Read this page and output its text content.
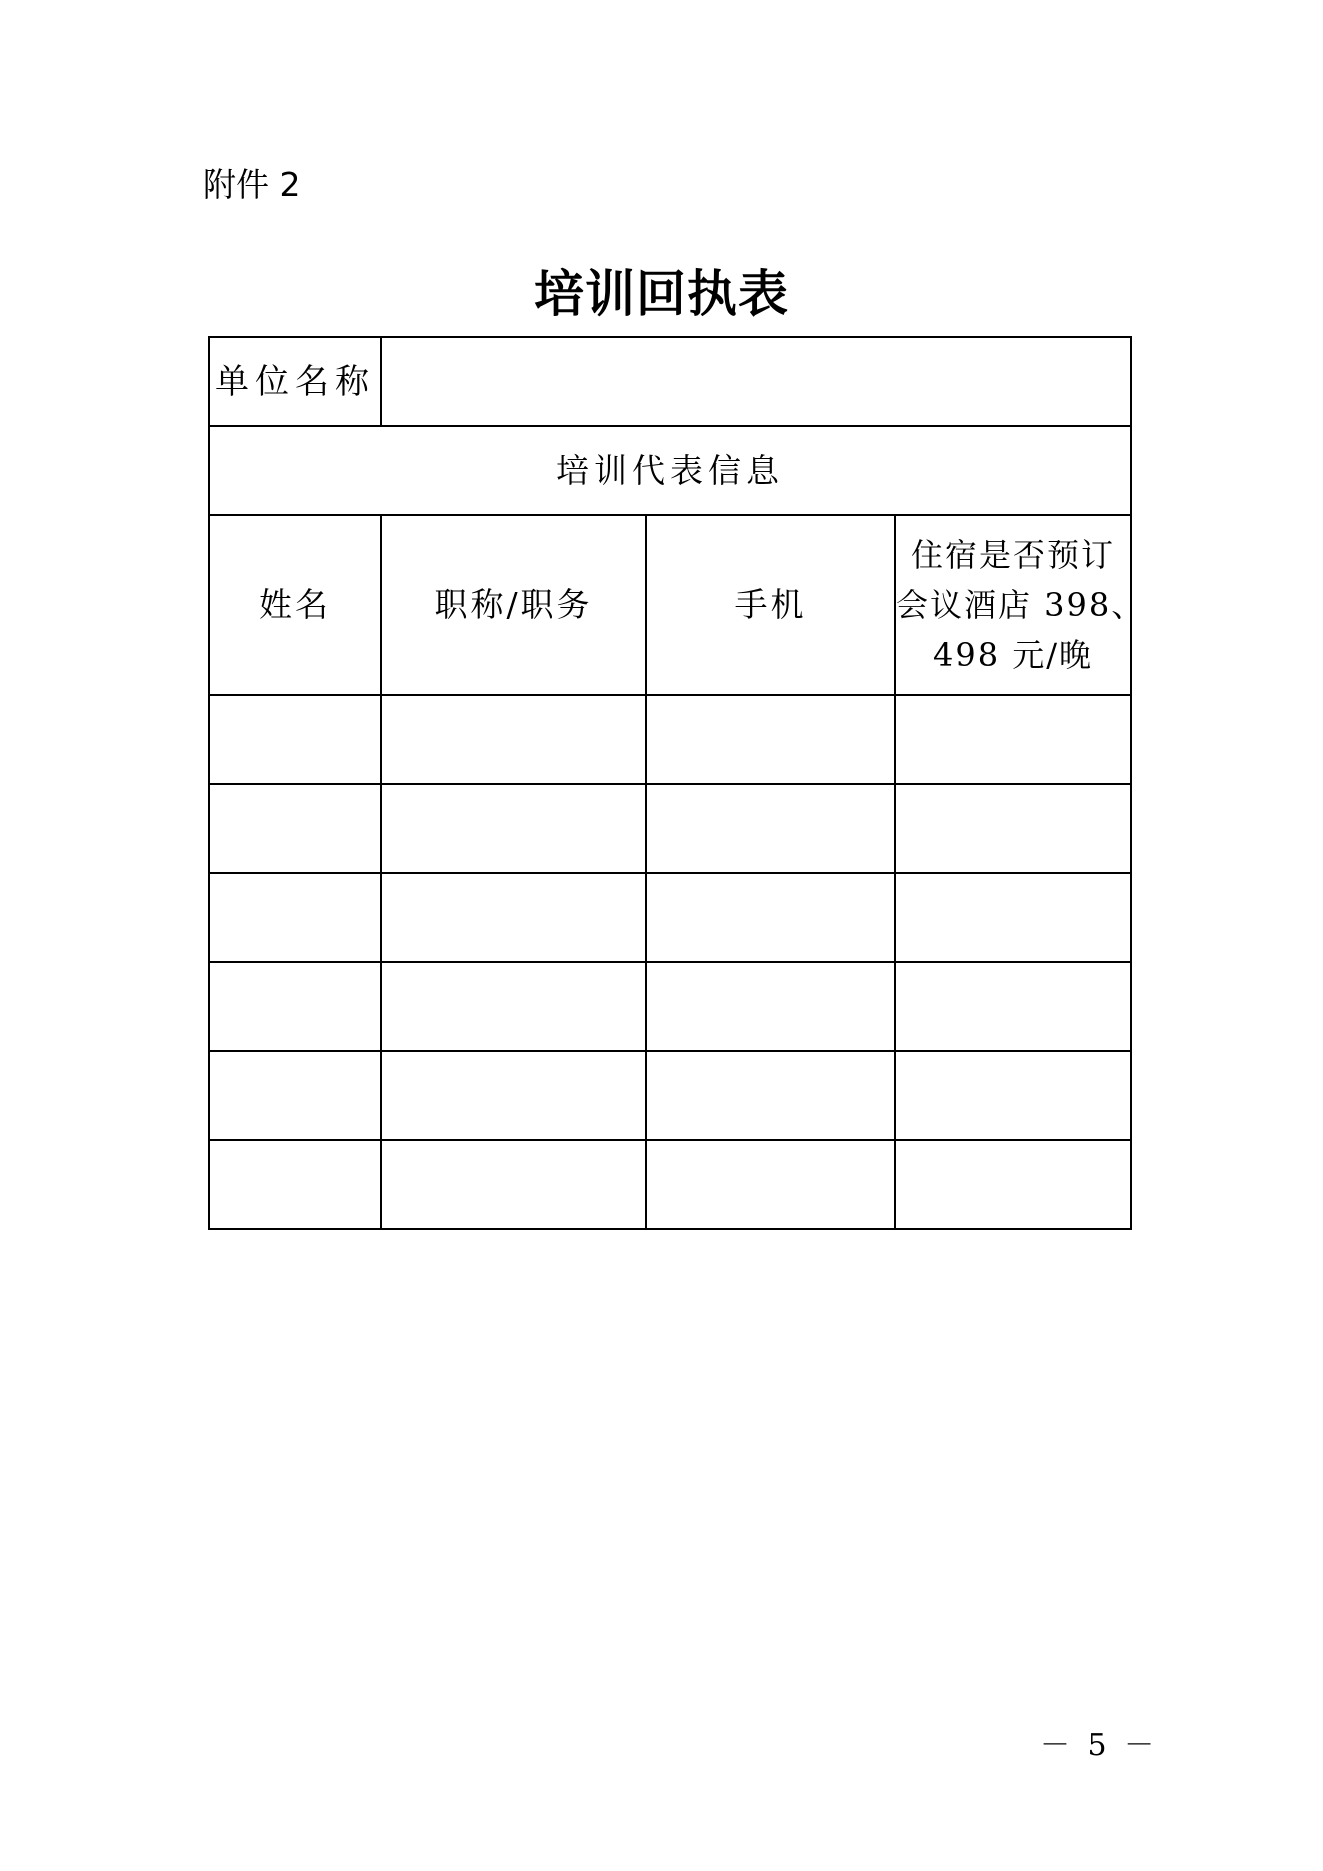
附件 2
培训回执表
单位名称			
培训代表信息			
姓名	职称/职务	手机	住宿是否预订
会议酒店 398、
498 元/晚

－ 5 －
